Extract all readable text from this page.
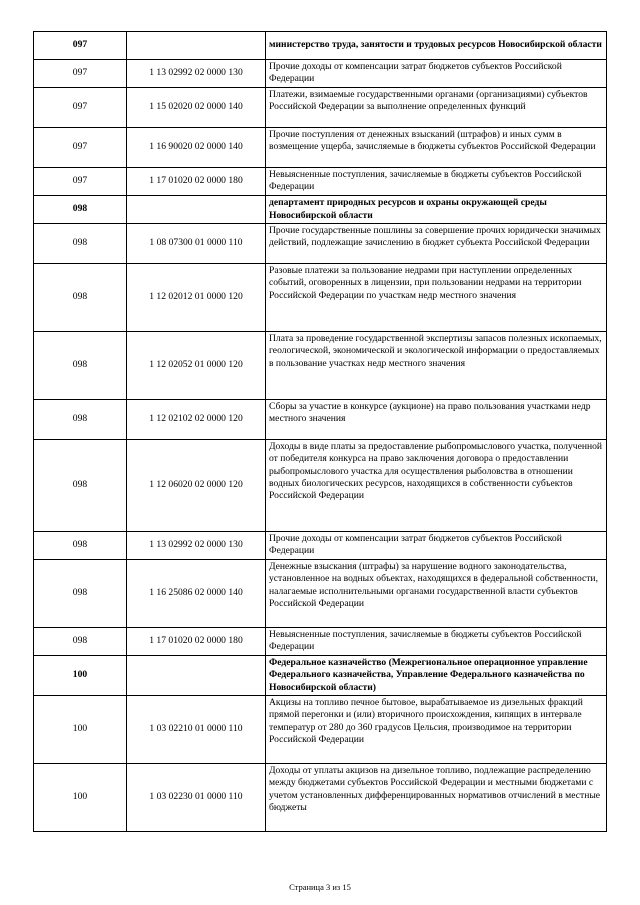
097		министерство труда, занятости и трудовых ресурсов Новосибирской области
097	1 13 02992 02 0000 130	Прочие доходы от компенсации затрат бюджетов субъектов Российской Федерации
097	1 15 02020 02 0000 140	Платежи, взимаемые государственными органами (организациями) субъектов Российской Федерации за выполнение определенных функций
097	1 16 90020 02 0000 140	Прочие поступления от денежных взысканий (штрафов) и иных сумм в возмещение ущерба, зачисляемые в бюджеты субъектов Российской Федерации
097	1 17 01020 02 0000 180	Невыясненные поступления, зачисляемые в бюджеты субъектов Российской Федерации
098		департамент природных ресурсов и охраны окружающей среды Новосибирской области
098	1 08 07300 01 0000 110	Прочие государственные пошлины за совершение прочих юридически значимых действий, подлежащие зачислению в бюджет субъекта Российской Федерации
098	1 12 02012 01 0000 120	Разовые платежи за пользование недрами при наступлении определенных событий, оговоренных в лицензии, при пользовании недрами на территории Российской Федерации по участкам недр местного значения
098	1 12 02052 01 0000 120	Плата за проведение государственной экспертизы запасов полезных ископаемых, геологической, экономической и экологической информации о предоставляемых в пользование участках недр местного значения
098	1 12 02102 02 0000 120	Сборы за участие в конкурсе (аукционе) на право пользования участками недр местного значения
098	1 12 06020 02 0000 120	Доходы в виде платы за предоставление рыбопромыслового участка, полученной от победителя конкурса на право заключения договора о предоставлении рыбопромыслового участка для осуществления рыболовства в отношении водных биологических ресурсов, находящихся в собственности субъектов Российской Федерации
098	1 13 02992 02 0000 130	Прочие доходы от компенсации затрат бюджетов субъектов Российской Федерации
098	1 16 25086 02 0000 140	Денежные взыскания (штрафы) за нарушение водного законодательства, установленное на водных объектах, находящихся в федеральной собственности, налагаемые исполнительными органами государственной власти субъектов Российской Федерации
098	1 17 01020 02 0000 180	Невыясненные поступления, зачисляемые в бюджеты субъектов Российской Федерации
100		Федеральное казначейство (Межрегиональное операционное управление Федерального казначейства, Управление Федерального казначейства по Новосибирской области)
100	1 03 02210 01 0000 110	Акцизы на топливо печное бытовое, вырабатываемое из дизельных фракций прямой перегонки и (или) вторичного происхождения, кипящих в интервале температур от 280 до 360 градусов Цельсия, производимое на территории Российской Федерации
100	1 03 02230 01 0000 110	Доходы от уплаты акцизов на дизельное топливо, подлежащие распределению между бюджетами субъектов Российской Федерации и местными бюджетами с учетом установленных дифференцированных нормативов отчислений в местные бюджеты
Страница 3 из 15
